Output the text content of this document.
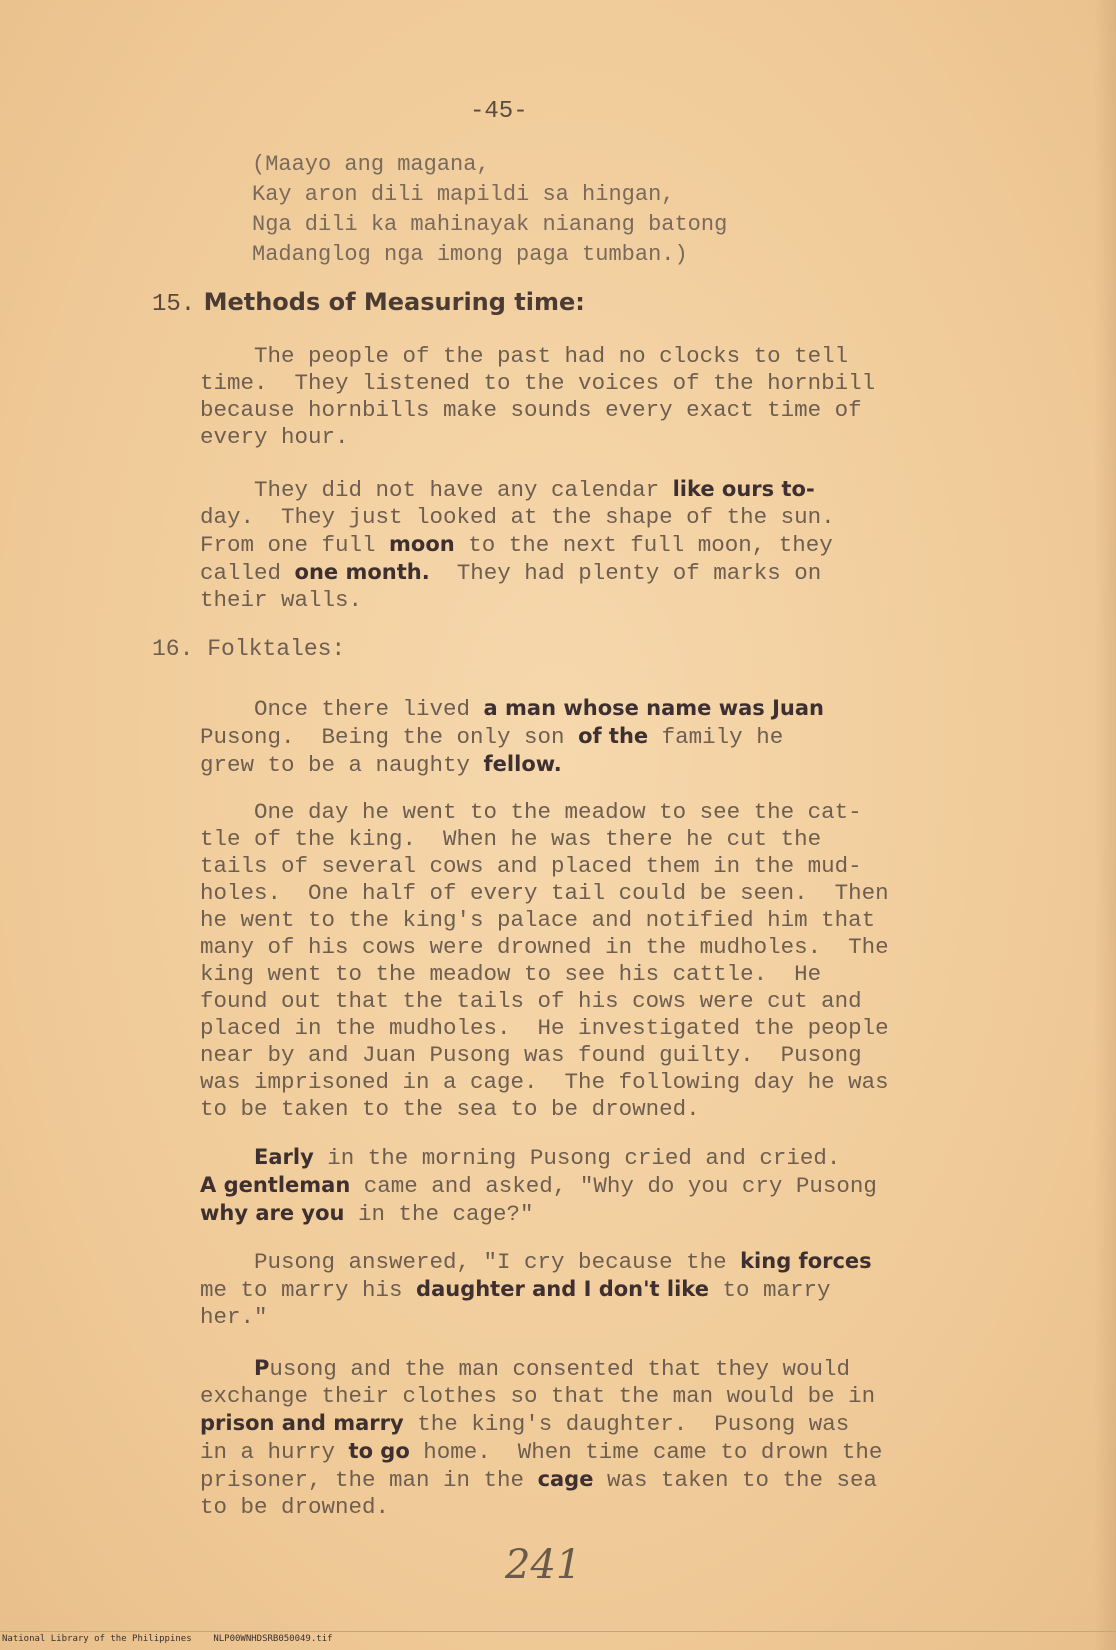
-45-
(Maayo ang magana,
Kay aron dili mapildi sa hingan,
Nga dili ka mahinayak nianang batong
Madanglog nga imong paga tumban.)
15. Methods of Measuring time:
The people of the past had no clocks to tell
time.  They listened to the voices of the hornbill
because hornbills make sounds every exact time of
every hour.
They did not have any calendar like ours to-
day.  They just looked at the shape of the sun.
From one full moon to the next full moon, they
called one month.  They had plenty of marks on
their walls.
16. Folktales:
Once there lived a man whose name was Juan
Pusong.  Being the only son of the family he
grew to be a naughty fellow.
One day he went to the meadow to see the cat-
tle of the king.  When he was there he cut the
tails of several cows and placed them in the mud-
holes.  One half of every tail could be seen.  Then
he went to the king's palace and notified him that
many of his cows were drowned in the mudholes.  The
king went to the meadow to see his cattle.  He
found out that the tails of his cows were cut and
placed in the mudholes.  He investigated the people
near by and Juan Pusong was found guilty.  Pusong
was imprisoned in a cage.  The following day he was
to be taken to the sea to be drowned.
Early in the morning Pusong cried and cried.
A gentleman came and asked, "Why do you cry Pusong
why are you in the cage?"
Pusong answered, "I cry because the king forces
me to marry his daughter and I don't like to marry
her."
Pusong and the man consented that they would
exchange their clothes so that the man would be in
prison and marry the king's daughter.  Pusong was
in a hurry to go home.  When time came to drown the
prisoner, the man in the cage was taken to the sea
to be drowned.
241
National Library of the Philippines    NLP00WNHDSRB050049.tif
